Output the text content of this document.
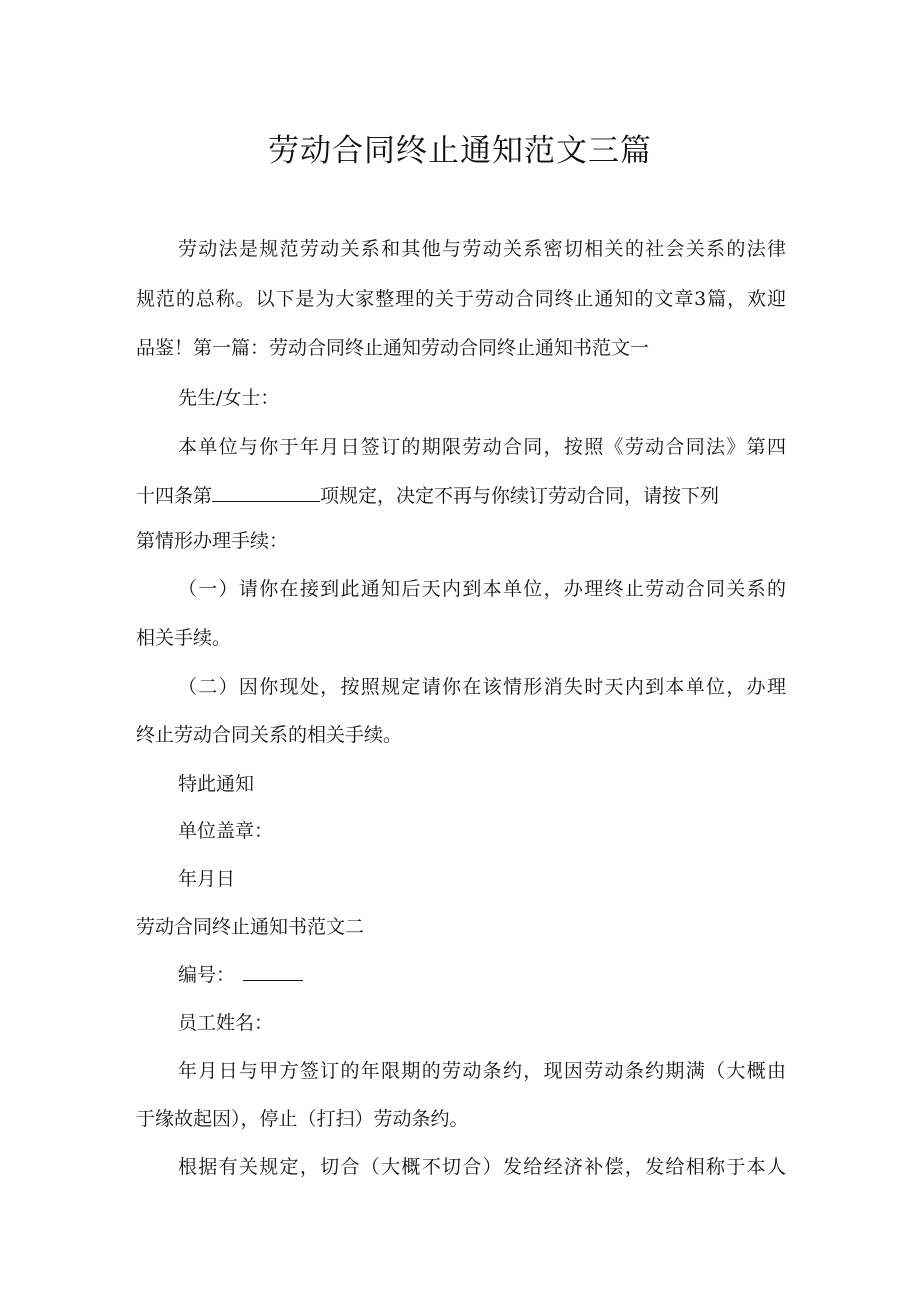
劳动合同终止通知范文三篇
劳动法是规范劳动关系和其他与劳动关系密切相关的社会关系的法律
规范的总称。以下是为大家整理的关于劳动合同终止通知的文章3篇，欢迎
品鉴！第一篇：劳动合同终止通知劳动合同终止通知书范文一
先生/女士：
本单位与你于年月日签订的期限劳动合同，按照《劳动合同法》第四
十四条第	项规定，决定不再与你续订劳动合同，请按下列
第情形办理手续：
（一）请你在接到此通知后天内到本单位，办理终止劳动合同关系的
相关手续。
（二）因你现处，按照规定请你在该情形消失时天内到本单位，办理
终止劳动合同关系的相关手续。
特此通知
单位盖章：
年月日
劳动合同终止通知书范文二
编号：
员工姓名：
年月日与甲方签订的年限期的劳动条约，现因劳动条约期满（大概由
于缘故起因），停止（打扫）劳动条约。
根据有关规定，切合（大概不切合）发给经济补偿，发给相称于本人
